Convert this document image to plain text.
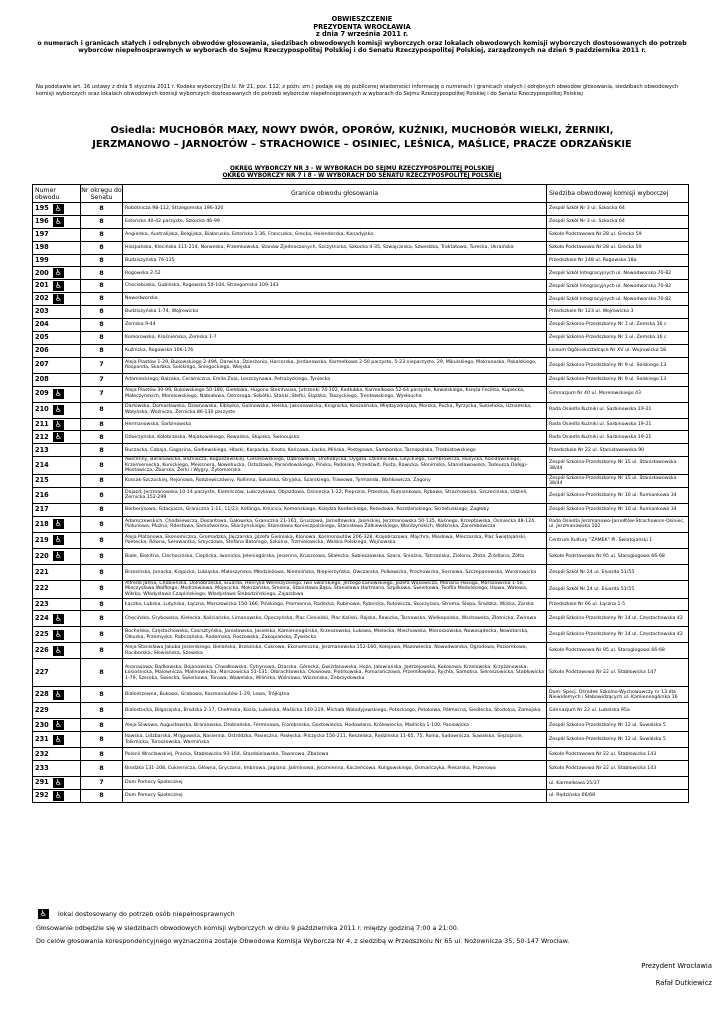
OBWIESZCZENIE
PREZYDENTA WROCŁAWIA
z dnia 7 września 2011 r.
o numerach i granicach stałych i odrębnych obwodów głosowania, siedzibach obwodowych komisji wyborczych oraz lokalach obwodowych komisji wyborczych dostosowanych do potrzeb wyborców niepełnosprawnych w wyborach do Sejmu Rzeczypospolitej Polskiej i do Senatu Rzeczypospolitej Polskiej, zarządzonych na dzień 9 października 2011 r.
Na podstawie art. 16 ustawy z dnia 5 stycznia 2011 r. Kodeks wyborczy(Dz.U. Nr 21, poz. 112, z późn. zm.) podaje się do publicznej wiadomości informację o numerach i granicach stałych i odrębnych obwodów głosowania, siedzibach obwodowych komisji wyborczych oraz lokalach obwodowych komisji wyborczych dostosowanych do potrzeb wyborców niepełnosprawnych w wyborach do Sejmu Rzeczypospolitej Polskiej i do Senatu Rzeczypospolitej Polskiej
Osiedla: MUCHOBÓR MAŁY, NOWY DWÓR, OPORÓW, KUŹNIKI, MUCHOBÓR WIELKI, ŻERNIKI,
JERZMANOWO – JARNOŁTÓW – STRACHOWICE – OSINIEC, LEŚNICA, MAŚLICE, PRACZE ODRZAŃSKIE
OKRĘG WYBORCZY NR 3 - W WYBORACH DO SEJMU RZECZYPOSPOLITEJ POLSKIEJ
OKRĘG WYBORCZY NR 7 i 8 - W WYBORACH DO SENATU RZECZYPOSPOLITEJ POLSKIEJ
Numer obwodu	Nr okręgu do Senatu	Granice obwodu głosowania	Siedziba obwodowej komisji wyborczej
195 ♿	8	Robotnicza 98-112, Strzegomska 196-320	Zespół Szkół Nr 3 ul. Szkocka 64
196 ♿	8	Estońska 40-42 parzyste, Szkocka 46-99	Zespół Szkół Nr 3 ul. Szkocka 64
197	8	Angielska, Australijska, Belgijska, Białoruska, Estońska 1-36, Francuska, Grecka, Holenderska, Kanadyjska	Szkoła Podstawowa Nr 28 ul. Grecka 59
198	8	Hiszpańska, Klecińska 111-214, Norweska, Przemkowska, Stanów Zjednoczonych, Szczytnicka, Szkocka 4-35, Szwajcarska, Szwedzka, Traktatowa, Turecka, Ukraińska	Szkoła Podstawowa Nr 28 ul. Grecka 59
199	8	Budziszyńska 76-135	Przedszkole Nr 148 ul. Rogowska 18a
200 ♿	8	Rogowska 2-52	Zespół Szkół Integracyjnych ul. Nowodworska 70-82
201 ♿	8	Chociebuska, Gubińska, Rogowska 54-104, Strzegomska 109-143	Zespół Szkół Integracyjnych ul. Nowodworska 70-82
202 ♿	8	Nowodworska	Zespół Szkół Integracyjnych ul. Nowodworska 70-82
203	8	Budziszyńska 1-74, Wojrowicka	Przedszkole Nr 123 ul. Wojrowicka 3
204	8	Zemska 9-44	Zespół Szkolno-Przedszkolny Nr 1 ul. Zemska 16 c
205	8	Komorowska, Krośnieńska, Zemska 1-7	Zespół Szkolno-Przedszkolny Nr 1 ul. Zemska 16 c
206	8	Kuźnicka, Rogowska 106-176	Liceum Ogólnokształcące Nr XV ul. Wojrowicka 58
207	7	Aleja Piastów 1-29, Bukowskiego 2-49A, Darwina, Dzierżonia, Harcerska, Jordanowska, Karmelkowa 2-50 parzyste, 5-23 nieparzyste, 29, Mikulskiego, Mokronoska, Pękalskiego, Rosponda, Skarbka, Solskiego, Śniegockiego, Wiejska	Zespół Szkolno-Przedszkolny Nr 9 ul. Solskiego 13
208	7	Adamieckiego, Balzaka, Ceramiczna, Emila Zola, Leszczynowa, Petrażyckiego, Tyniecka	Zespół Szkolno-Przedszkolny Nr 9 ul. Solskiego 13
209 ♿	7	Aleja Piastów 30-99, Bukowskiego 50-180, Giełdowa, Hugona Steinhausa, Jutrzenki 74-102, Kadłubka, Karmelkowa 52-64 parzyste, Kowalskiego, Księża Fecihta, Kupiecka, Małeczyńskich, Morelowskiego, Nabiałowa, Ostroroga, Sobótki, Stanki, Stefki, Ślązaka, Taszyckiego, Trentowskiego, Wysłoucha	Gimnazjum Nr 40 ul. Morelowskiego 43
210 ♿	8	Darłowska, Domasławska, Dziwnowska, Elbląska, Golinowska, Helska, Jaksonowicka, Knignicka, Koszalińska, Międzyzdrojska, Morska, Pucka, Pyrzycka, Sukiełicka, Uznamska, Wołyńska, Woźnicza, Żernicka 86-130 parzyste	Rada Osiedla Kuźniki ul. Sarbinowska 19-21
211 ♿	8	Hermanowska, Sarbinowska	Rada Osiedla Kuźniki ul. Sarbinowska 19-21
212 ♿	8	Dźwirzyńska, Kołobrzeska, Majakowskiego, Rewalska, Słupska, Świnoujska	Rada Osiedla Kuźniki ul. Sarbinowska 19-21
213	8	Buczacka, Cabaja, Gagarina, Godlewskiego, Hłaski, Karpacka, Knota, Końcowa, Łaska, Mińska, Postępowa, Samborska, Tarnopolska, Trzebiatowskiego	Przedszkole Nr 22 ul. Stanisławowska 90
214	8	Awicenny, Baranowicka, Bliźniacza, Boguszewskiej, Cieślikowskiego, Dąbrowskiej, Drohobycka, Dygata, Dzielnicowa, Gilyckiego, Gombrowicza, Husycka, Kosidowskiego, Krzemieniecka, Kunickiego, Meissnera, Nowohucka, Ostoźlowa, Parandowskiego, Pińska, Podolska, Przedświt, Pusta, Rawicka, Słonimska, Stanisławowska, Tadeusza Dołęgi-Mostowicza, Zbarska, Żerki i Wygry, Żytomierska	Zespół Szkolno-Przedszkolny Nr 15 ul. Stanisławowska 38/44
215	8	Kossak-Szczuckiej, Rejonowa, Rodziewiczówny, Rollinna, Sokalska, Stryjska, Szarskiego, Trawowa, Tyrmanda, Wańkowicza, Zagony	Zespół Szkolno-Przedszkolny Nr 15 ul. Stanisławowska 38/44
216	8	Dojazd, Jerzmanowska 10-14 parzyste, Kiemliczów, Lubczykowa, Objazdowa, Osiniecka 1-22, Pieprzna, Przednia, Rumiankowa, Rybowa, Strachowicka, Szczecińska, Udzieli, Żernicka 152-299	Zespół Szkolno-Przedszkolny Nr 10 ul. Rumiankowa 34
217	8	Berberysowa, Gdacjusza, Graniczna 1-11, 11/23, Ketlinga, Kmicica, Komeńskiego, Księdza Kordeckiego, Rezedowa, Rożdżeńskiego, Skrzetuskiego, Zagłoby	Zespół Szkolno-Przedszkolny Nr 10 ul. Rumiankowa 34
218 ♿	8	Adamczewskich, Chodkiewicza, Desantowa, Gałowska, Graniczna 21-161, Gruszowa, Jarnołtowska, Jasińskiej, Jerzmanowska 50-135, Kośnego, Krzeptowska, Osiniecka 48-124, Piołunowa, Płużna, Rdestowa, Samotworska, Skarżyńskiego, Stanisława Konieczpolskiego, Stanisława Żółkiewskiego, Wardzyńskich, Wołkńska, Zarembowicza	Rada Osiedla Jerzmanowo-Jarnołtów-Strachowice-Osiniec, ul. Jerzmanowska 102
219 ♿	8	Aleja Platanowa, Ekonomiczna, Gromadzka, Jajczarska, Józefa Gielniaka, Klonowa, Kosmonautów 206-328, Krajobrazowa, Majchra, Miodowa, Mleczarska, Plac Świętojański, Poetecka, Równa, Serowarska, Smyczowa, Stefana Batorego, Szkolna, Trzmielowicka, Wolska Polskiego, Wojnowska	Centrum Kultury "ZAMEK" Pl. Świętojański 1
220 ♿	8	Białe, Biękitna, Ciechocińska, Cieplicka, Iwonicka, Jeleniogórska, Jesienna, Kruszcowa, Skałecka, Sobieszowska, Szara, Śnieżna, Tatrzańska, Zielona, Złota, Źródlana, Żółta	Szkoła Podstawowa Nr 95 ul. Staroglogowa 66-68
221	8	Brzezińska, Junacka, Krępicka, Lubiąska, Małoszyńska, Młodzieżowa, Niemilińska, Niepierzyńska, Owczarska, Polkowicka, Prochowicka, Sosnowa, Szczepanowska, Woronowicka	Zespół Szkół Nr 24 ul. Eluarda 51/55
222	8	Alfreda Jahna, Chobieńska, Dolnobrzeska, Eluarda, Henryka Wereszyckiego, Iwo Sworskiego, Jerzego Łanowskiego, Józefa Wąsowicza, Mariana Haisiga, Marszowicka 1-50, Mieczysława Wolfkego, Modrzewiowa, Mojęcicka, Mokrzańska, Smolna, Stanisława Bąka, Stanisława Hartmana, Szpilkowa, Świerkowa, Teofila Modelskiego, Ulowa, Watowa, Wiłska, Władysława Czaplińskiego, Władysława Ślebodzińskiego, Zajazdowa	Zespół Szkół Nr 24 ul. Eluarda 51/55
223	8	Łączka, Lubska, Lutyńska, Łączna, Marszowicka 150-166, Pińskiego, Promienna, Radecka, Rubinowa, Rybnicka, Rutowicza, Skoczylasa, Stroma, Ślepa, Średzka, Wilska, Zarska	Przedszkole Nr 66 ul. Łączna 1-5
224 ♿	8	Chęcińska, Grybowska, Kielecka, Kościańska, Limanowska, Opoczyńska, Plac Ciesielski, Plac Kaliski, Rajska, Rawicka, Tarnowska, Wielkopolska, Wschowska, Złotnicka, Żwirowa	Zespół Szkolno-Przedszkolny Nr 14 ul. Częstochowska 42
225 ♿	8	Bochelska, Częstochowska, Czorsztyńska, Jarosławska, Jasielska, Kamiennogórska, Krzeszowska, Łukowa, Mielecka, Miechowska, Mieroszowska, Nowosądecka, Nowotarska, Olkuska, Przemyska, Rabczańska, Radomska, Raszowska, Zakopiańska, Żywiecka	Zespół Szkolno-Przedszkolny Nr 14 ul. Częstochowska 42
226 ♿	8	Aleja Stanisława Jakuba Jezierskiego, Bielańska, Brzezinka, Cukrowa, Ekonomiczna, Jerzmanowska 152-160, Kolejowa, Mazowiecka, Nowodworska, Ogrodowa, Poziomkowa, Raciborska, Słowiańska, Szewska	Szkoła Podstawowa Nr 95 ul. Staroglogowa 66-68
227	8	Ananasowa, Bądkowska, Bojanowska, Chwałkowska, Cytrynowa, Dżarska, Górecka, Gwiżdanowska, Hoża, Jałowiańska, Jędrzejowska, Kokosowa, Krzelowska, Krzyżanowska, Łosiośnicka, Malownicza, Malinowiecka, Marszowicka 51-131, Olbrachtowska, Olowiowa, Piotrkowska, Pomarańczowa, Przemiłowska, Rychła, Samotna, Sieroszowicka, Stabłowicka 1-79, Szeroka, Świecka, Świerkowa, Torowa, Wawelska, Wilińska, Wiśniowa, Wiszenska, Zebrzydowska	Szkoła Podstawowa Nr 22 ul. Stabłowicka 147
228 ♿	8	Białodrzewna, Bukowa, Grabowa, Kosmonautów 1-29, Lewa, Trójkątna	Dom. Specj. Ośrodek Szkolno-Wychowawczy nr 13 dla Niewidomych i Słabowidzących ul. Kamiennogórska 16
229	8	Białostocka, Biłgorajska, Brodzka 2-17, Chełmska, Kozia, Lubelska, Maślicka 140-219, Michała Wołodyjowskiego, Potockiego, Potokowa, Półmocna, Siedlecka, Stodolna, Zamojska	Gimnazjum Nr 22 ul. Lubelska 95a
230 ♿	8	Aleja Śliwowa, Augustowska, Braniewska, Drobieńska, Ferminowa, Frombroska, Gostowiecka, Hodowlana, Królewiecka, Maślicka 1-100, Paniowicka	Zespół Szkolno-Przedszkolny Nr 12 ul. Suwalska 5
231 ♿	8	Iławska, Lidzbarska, Mrągowska, Nasienna, Ostródzka, Pasieczna, Pasłęcka, Pilczycka 156-211, Reszelska, Rędzińska 11-65, 75, Rolna, Sadowniczа, Suwalska, Sięzojzicie, Tolkmicka, Turoszowska, Warmińska	Zespół Szkolno-Przedszkolny Nr 12 ul. Suwalska 5
232	8	Polonii Wrocławskiej, Pracka, Stabłowicka 93-164, Starobielawska, Towarowa, Zbożowa	Szkoła Podstawowa Nr 22 ul. Stabłowicka 143
233	8	Brodzka 131-208, Cukiernicza, Główna, Gryczana, Imbirowa, Jagiana, Jaśminowa, Jęczmienna, Kaczeńcowa, Kuligowskiego, Osmańczyka, Piekarska, Pszenowa	Szkoła Podstawowa Nr 22 ul. Stabłowicka 143
291 ♿	7	Dom Pomocy Społecznej	ul. Karmelkowa 25/27
292 ♿	8	Dom Pomocy Społecznej	ul. Rędzińska 66/68
♿	lokal dostosowany do potrzeb osób niepełnosprawnych
Głosowanie odbędzie się w siedzibach obwodowych komisji wyborczych w dniu 9 października 2011 r. między godziną 7:00 a 21:00.
Do celów głosowania korespondencyjnego wyznaczona zostaje Obwodowa Komisja Wyborcza Nr 4, z siedzibą w Przedszkolu Nr 65 ul. Nożownicza 35, 50-147 Wrocław.
Prezydent Wrocławia
Rafał Dutkiewicz
